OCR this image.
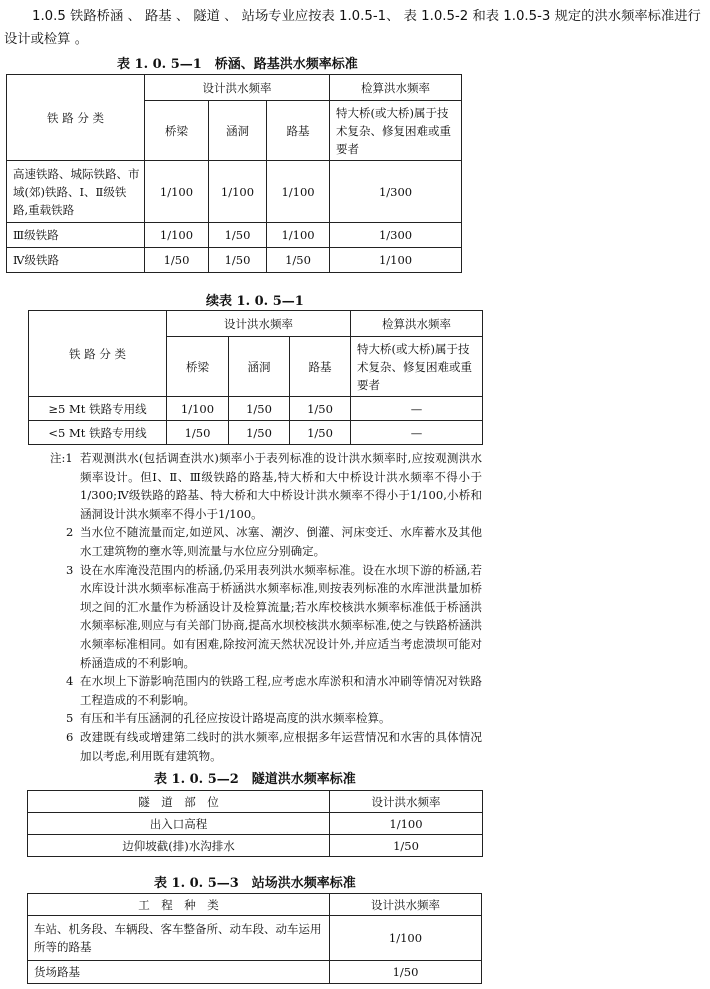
1.0.5 铁路桥涵 、 路基 、 隧道 、 站场专业应按表 1.0.5-1、 表 1.0.5-2 和表 1.0.5-3 规定的洪水频率标准进行
设计或检算 。
表 1. 0. 5—1　桥涵、路基洪水频率标准
铁 路 分 类	设计洪水频率			检算洪水频率
	桥梁	涵洞	路基	特大桥(或大桥)属于技术复杂、修复困难或重要者
高速铁路、城际铁路、市域(郊)铁路、Ⅰ、Ⅱ级铁路,重载铁路	1/100	1/100	1/100	1/300
Ⅲ级铁路	1/100	1/50	1/100	1/300
Ⅳ级铁路	1/50	1/50	1/50	1/100
续表 1. 0. 5—1
铁 路 分 类	设计洪水频率			检算洪水频率
	桥梁	涵洞	路基	特大桥(或大桥)属于技术复杂、修复困难或重要者
≥5 Mt 铁路专用线	1/100	1/50	1/50	—
<5 Mt 铁路专用线	1/50	1/50	1/50	—
注:1 若观测洪水(包括调查洪水)频率小于表列标准的设计洪水频率时,应按观测洪水频率设计。但Ⅰ、Ⅱ、Ⅲ级铁路的路基,特大桥和大中桥设计洪水频率不得小于1/300;Ⅳ级铁路的路基、特大桥和大中桥设计洪水频率不得小于1/100,小桥和涵洞设计洪水频率不得小于1/100。
2 当水位不随流量而定,如逆风、冰塞、潮汐、倒灌、河床变迁、水库蓄水及其他水工建筑物的壅水等,则流量与水位应分别确定。
3 设在水库淹没范围内的桥涵,仍采用表列洪水频率标准。设在水坝下游的桥涵,若水库设计洪水频率标准高于桥涵洪水频率标准,则按表列标准的水库泄洪量加桥坝之间的汇水量作为桥涵设计及检算流量;若水库校核洪水频率标准低于桥涵洪水频率标准,则应与有关部门协商,提高水坝校核洪水频率标准,使之与铁路桥涵洪水频率标准相同。如有困难,除按河流天然状况设计外,并应适当考虑溃坝可能对桥涵造成的不利影响。
4 在水坝上下游影响范围内的铁路工程,应考虑水库淤积和清水冲刷等情况对铁路工程造成的不利影响。
5 有压和半有压涵洞的孔径应按设计路堤高度的洪水频率检算。
6 改建既有线或增建第二线时的洪水频率,应根据多年运营情况和水害的具体情况加以考虑,利用既有建筑物。
表 1. 0. 5—2　隧道洪水频率标准
隧　道　部　位	设计洪水频率
出入口高程	1/100
边仰坡截(排)水沟排水	1/50
表 1. 0. 5—3　站场洪水频率标准
工　程　种　类	设计洪水频率
车站、机务段、车辆段、客车整备所、动车段、动车运用所等的路基	1/100
货场路基	1/50
